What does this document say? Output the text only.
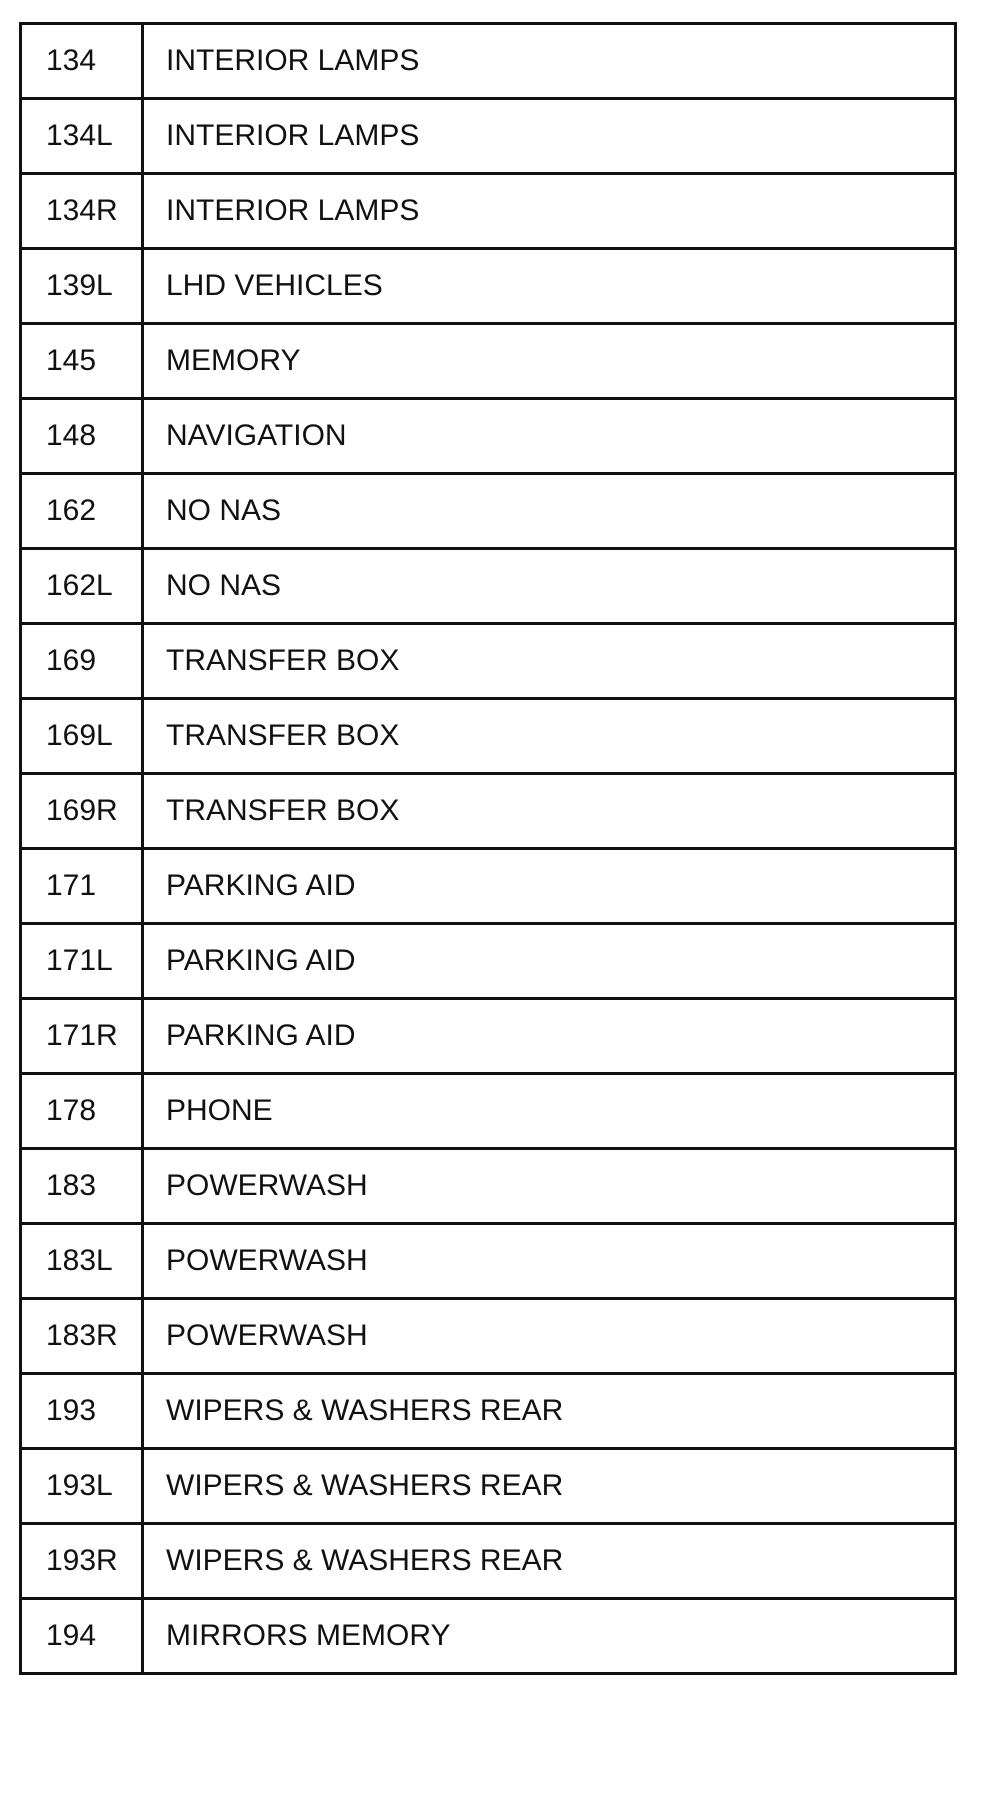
134	INTERIOR LAMPS
134L	INTERIOR LAMPS
134R	INTERIOR LAMPS
139L	LHD VEHICLES
145	MEMORY
148	NAVIGATION
162	NO NAS
162L	NO NAS
169	TRANSFER BOX
169L	TRANSFER BOX
169R	TRANSFER BOX
171	PARKING AID
171L	PARKING AID
171R	PARKING AID
178	PHONE
183	POWERWASH
183L	POWERWASH
183R	POWERWASH
193	WIPERS & WASHERS REAR
193L	WIPERS & WASHERS REAR
193R	WIPERS & WASHERS REAR
194	MIRRORS MEMORY
